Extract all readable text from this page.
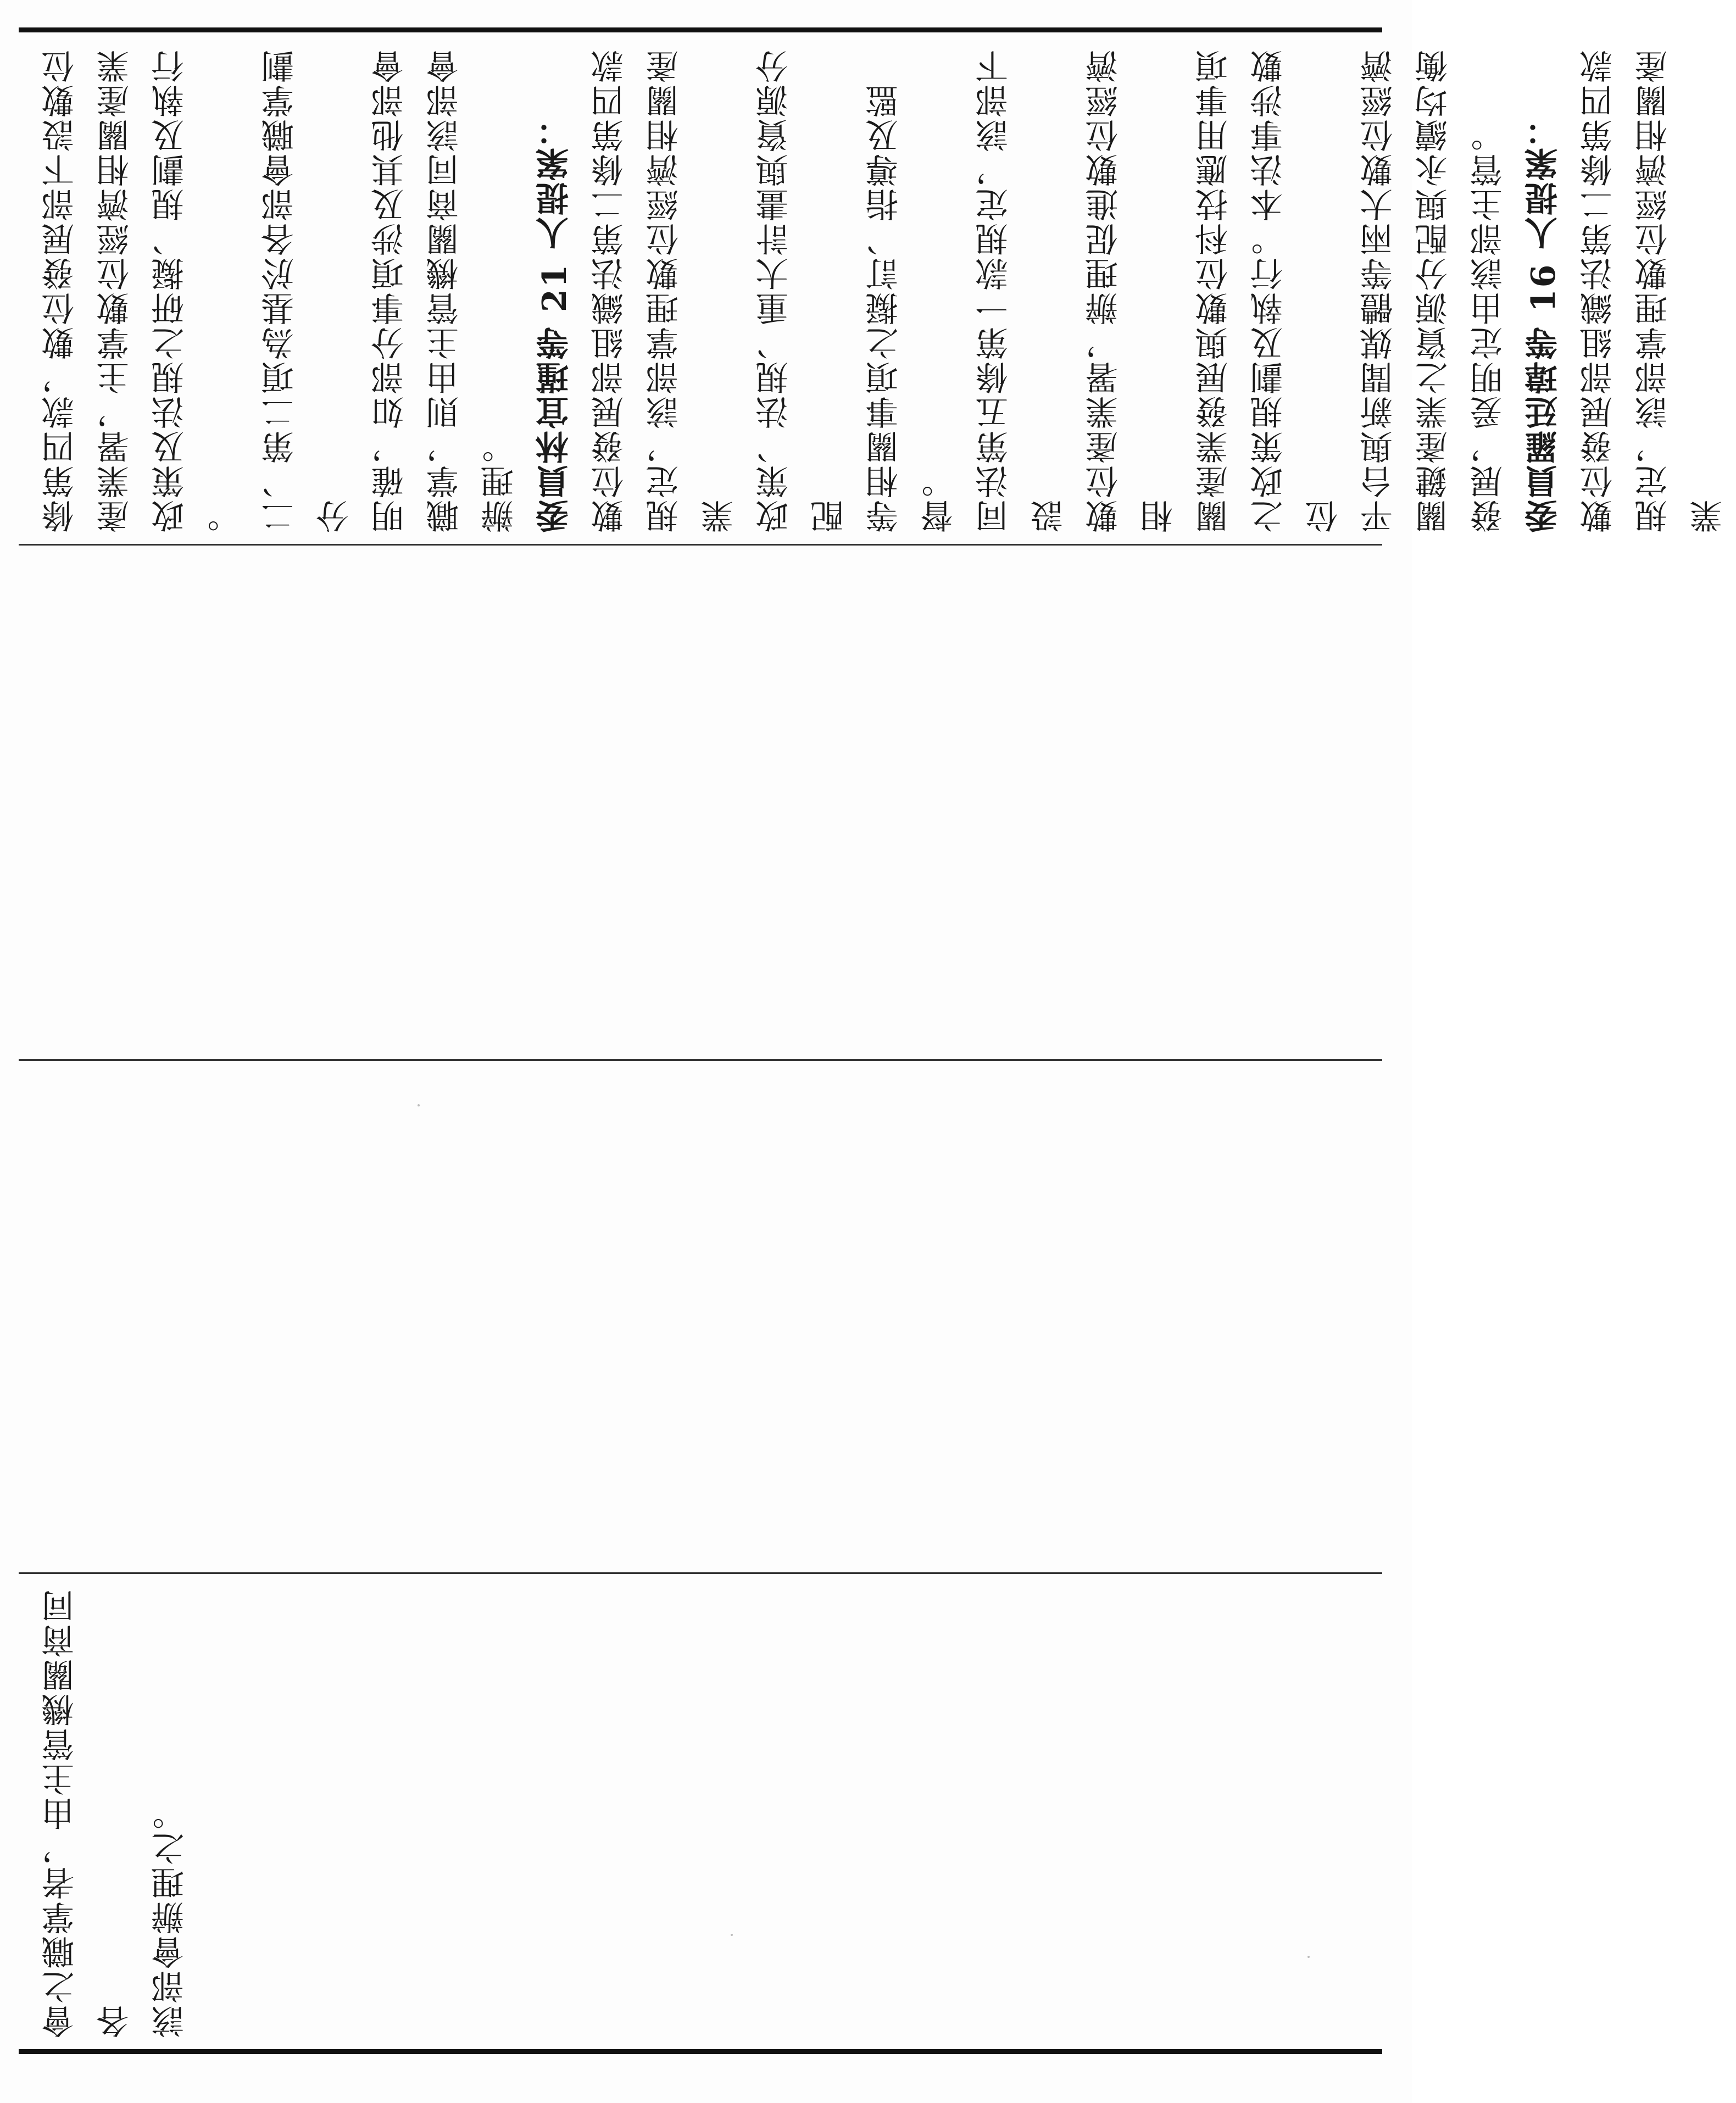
條第四款，數位發展部下設數位 產業署，主掌數位經濟相關產業 政策及法規之研擬、規劃及執行 。 二、第二項為基於各部會職掌劃分 明確，如部分事項涉及其他部會 職掌，則由主管機關商同該部會 辦理。 委員林宜瑾等 21 人提案： 數位發展部組織法第二條第四款 規定，該部掌理數位經濟相關產業 政策、法規、重大計畫與資源分配 等相關事項之擬訂、指導及監督。 同法第五條第一款規定，該部下設 數位產業署，辦理促進數位經濟相 關產業發展與數位科技應用事項 之政策規劃及執行。本法事涉數位 平台與新聞媒體等兩大數位經濟 關鍵產業之資源分配與永續均衡 發展，爰明定由該部主管。 委員羅廷瑋等 16 人提案： 數位發展部組織法第二條第四款 規定，該部掌理數位經濟相關產業
會之職掌者，由主管機關商同各 該部會辦理之。
